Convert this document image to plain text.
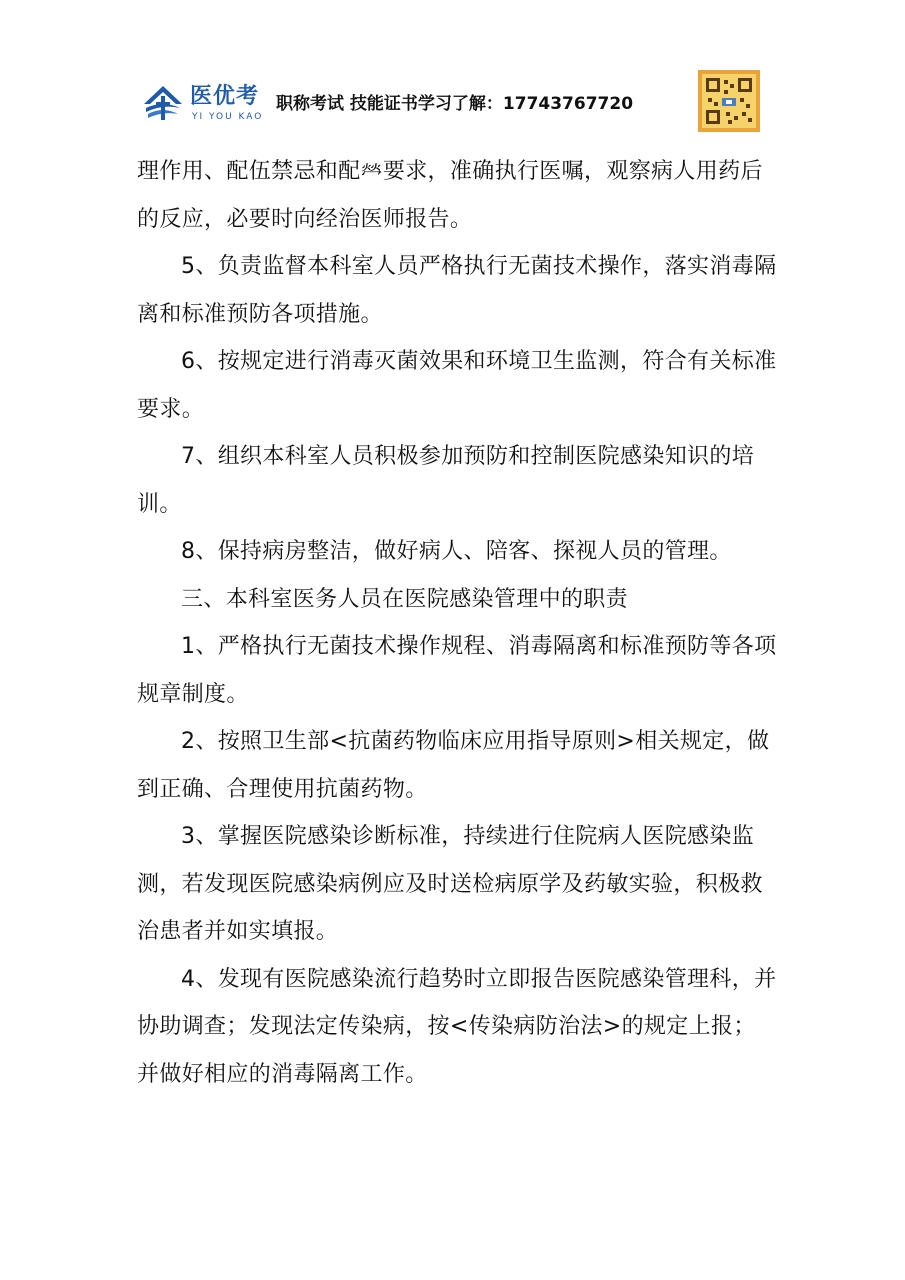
医优考
YI YOU KAO
职称考试 技能证书学习了解：17743767720

理作用、配伍禁忌和配𤇾要求，准确执行医嘱，观察病人用药后的反应，必要时向经治医师报告。

5、负责监督本科室人员严格执行无菌技术操作，落实消毒隔离和标准预防各项措施。

6、按规定进行消毒灭菌效果和环境卫生监测，符合有关标准要求。

7、组织本科室人员积极参加预防和控制医院感染知识的培训。

8、保持病房整洁，做好病人、陪客、探视人员的管理。

三、本科室医务人员在医院感染管理中的职责

1、严格执行无菌技术操作规程、消毒隔离和标准预防等各项规章制度。

2、按照卫生部<抗菌药物临床应用指导原则>相关规定，做到正确、合理使用抗菌药物。

3、掌握医院感染诊断标准，持续进行住院病人医院感染监测，若发现医院感染病例应及时送检病原学及药敏实验，积极救治患者并如实填报。

4、发现有医院感染流行趋势时立即报告医院感染管理科，并协助调查；发现法定传染病，按<传染病防治法>的规定上报；并做好相应的消毒隔离工作。
